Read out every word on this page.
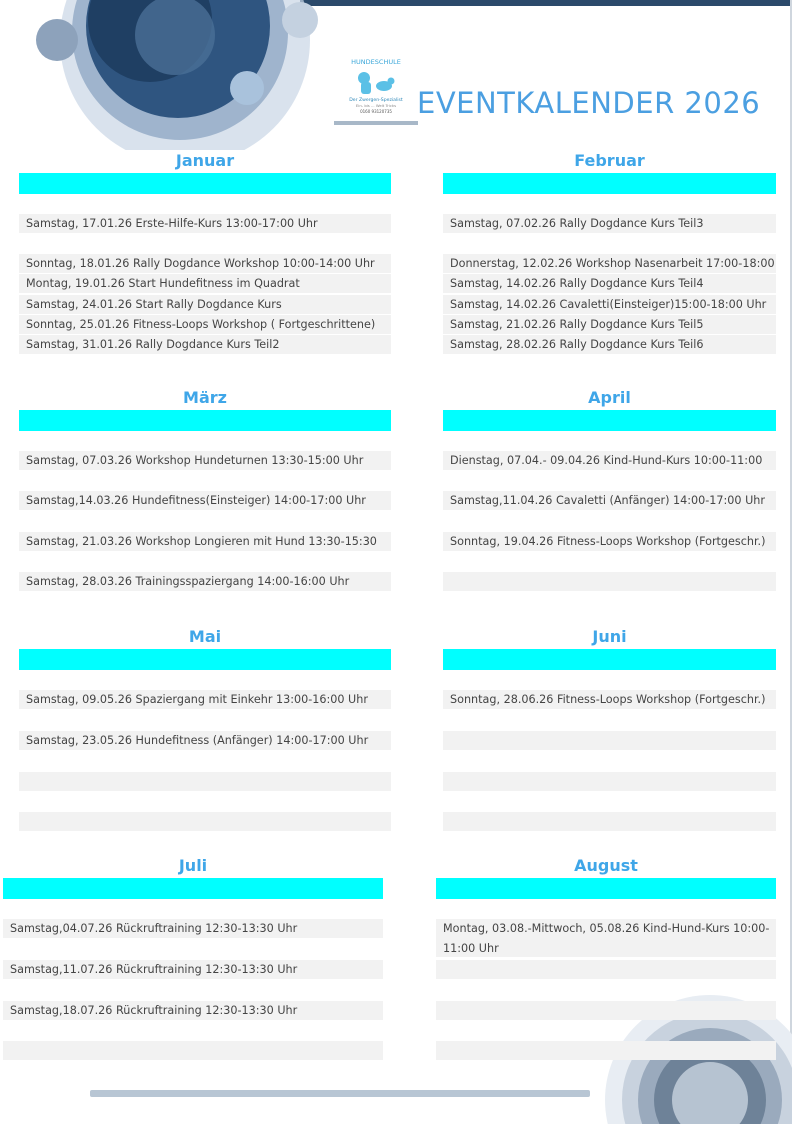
HUNDESCHULE
Der Zwergen-Spezialist
Ein- bis ... Welt Tricks
0160 93120735 EVENTKALENDER 2026
Januar
Samstag, 17.01.26 Erste-Hilfe-Kurs 13:00-17:00 Uhr
Sonntag, 18.01.26 Rally Dogdance Workshop 10:00-14:00 Uhr
Montag, 19.01.26 Start Hundefitness im Quadrat
Samstag, 24.01.26 Start Rally Dogdance Kurs
Sonntag, 25.01.26 Fitness-Loops Workshop ( Fortgeschrittene)
Samstag, 31.01.26 Rally Dogdance Kurs Teil2
Februar
Samstag, 07.02.26 Rally Dogdance Kurs Teil3
Donnerstag, 12.02.26 Workshop Nasenarbeit 17:00-18:00
Samstag, 14.02.26 Rally Dogdance Kurs Teil4
Samstag, 14.02.26 Cavaletti(Einsteiger)15:00-18:00 Uhr
Samstag, 21.02.26 Rally Dogdance Kurs Teil5
Samstag, 28.02.26 Rally Dogdance Kurs Teil6
März
Samstag, 07.03.26 Workshop Hundeturnen 13:30-15:00 Uhr
Samstag,14.03.26 Hundefitness(Einsteiger) 14:00-17:00 Uhr
Samstag, 21.03.26 Workshop Longieren mit Hund 13:30-15:30
Samstag, 28.03.26 Trainingsspaziergang 14:00-16:00 Uhr
April
Dienstag, 07.04.- 09.04.26 Kind-Hund-Kurs 10:00-11:00
Samstag,11.04.26 Cavaletti (Anfänger) 14:00-17:00 Uhr
Sonntag, 19.04.26 Fitness-Loops Workshop (Fortgeschr.)
Mai
Samstag, 09.05.26 Spaziergang mit Einkehr 13:00-16:00 Uhr
Samstag, 23.05.26 Hundefitness (Anfänger) 14:00-17:00 Uhr
Juni
Sonntag, 28.06.26 Fitness-Loops Workshop (Fortgeschr.)
Juli
Samstag,04.07.26 Rückruftraining 12:30-13:30 Uhr
Samstag,11.07.26 Rückruftraining 12:30-13:30 Uhr
Samstag,18.07.26 Rückruftraining 12:30-13:30 Uhr
August
Montag, 03.08.-Mittwoch, 05.08.26 Kind-Hund-Kurs 10:00-11:00 Uhr
